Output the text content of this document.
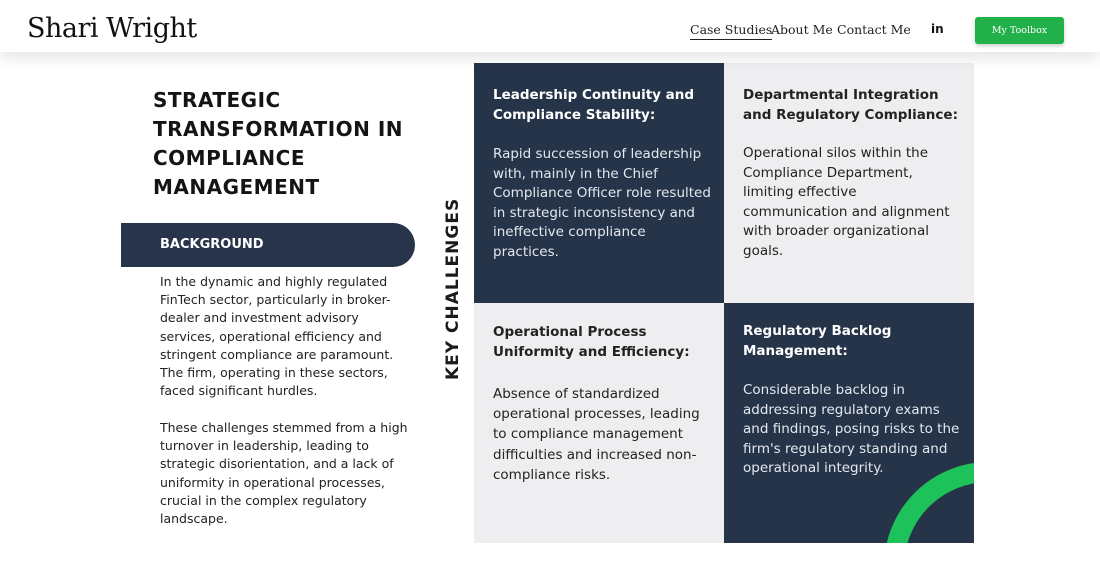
Shari Wright	Case Studies
About Me Contact Me in	My Toolbox
STRATEGIC
TRANSFORMATION IN
COMPLIANCE
MANAGEMENT
BACKGROUND

In the dynamic and highly regulated FinTech sector, particularly in broker-dealer and investment advisory services, operational efficiency and stringent compliance are paramount. The firm, operating in these sectors, faced significant hurdles.

These challenges stemmed from a high turnover in leadership, leading to strategic disorientation, and a lack of uniformity in operational processes, crucial in the complex regulatory landscape.

KEY CHALLENGES
Leadership Continuity and Compliance Stability:

Rapid succession of leadership with, mainly in the Chief Compliance Officer role resulted in strategic inconsistency and ineffective compliance practices.

Departmental Integration and Regulatory Compliance:

Operational silos within the Compliance Department, limiting effective communication and alignment with broader organizational goals.

Operational Process Uniformity and Efficiency:

Absence of standardized operational processes, leading to compliance management difficulties and increased non-compliance risks.

Regulatory Backlog Management:

Considerable backlog in addressing regulatory exams and findings, posing risks to the firm's regulatory standing and operational integrity.
